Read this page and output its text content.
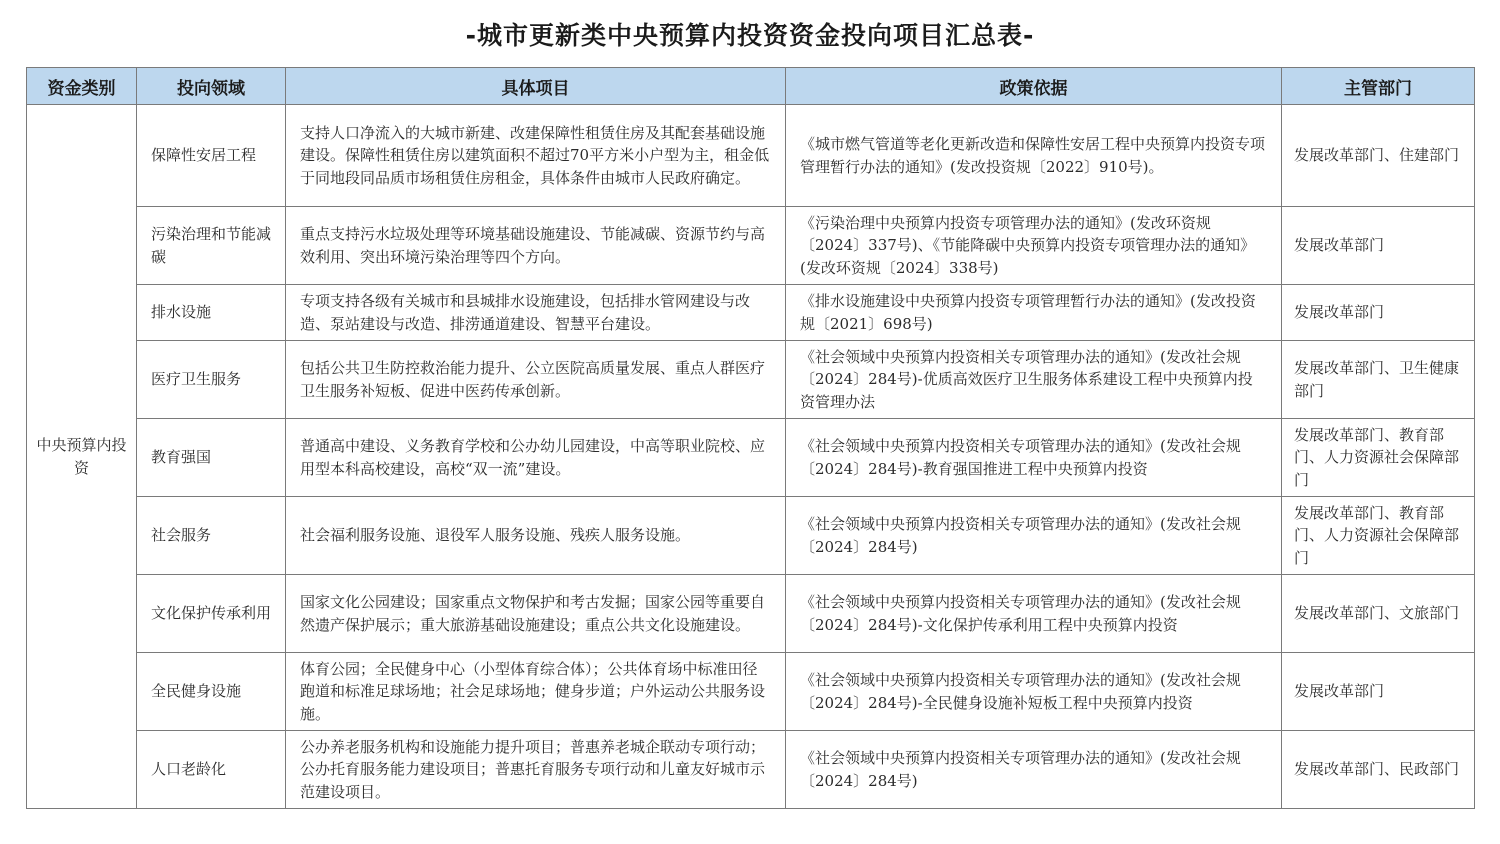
-城市更新类中央预算内投资资金投向项目汇总表-
资金类别	投向领域	具体项目	政策依据	主管部门
中央预算内投资	保障性安居工程	支持人口净流入的大城市新建、改建保障性租赁住房及其配套基础设施建设。保障性租赁住房以建筑面积不超过70平方米小户型为主，租金低于同地段同品质市场租赁住房租金，具体条件由城市人民政府确定。	《城市燃气管道等老化更新改造和保障性安居工程中央预算内投资专项管理暂行办法的通知》(发改投资规〔2022〕910号)。	发展改革部门、住建部门
	污染治理和节能减碳	重点支持污水垃圾处理等环境基础设施建设、节能减碳、资源节约与高效利用、突出环境污染治理等四个方向。	《污染治理中央预算内投资专项管理办法的通知》(发改环资规〔2024〕337号)、《节能降碳中央预算内投资专项管理办法的通知》(发改环资规〔2024〕338号)	发展改革部门
	排水设施	专项支持各级有关城市和县城排水设施建设，包括排水管网建设与改造、泵站建设与改造、排涝通道建设、智慧平台建设。	《排水设施建设中央预算内投资专项管理暂行办法的通知》(发改投资规〔2021〕698号)	发展改革部门
	医疗卫生服务	包括公共卫生防控救治能力提升、公立医院高质量发展、重点人群医疗卫生服务补短板、促进中医药传承创新。	《社会领域中央预算内投资相关专项管理办法的通知》(发改社会规〔2024〕284号)-优质高效医疗卫生服务体系建设工程中央预算内投资管理办法	发展改革部门、卫生健康部门
	教育强国	普通高中建设、义务教育学校和公办幼儿园建设，中高等职业院校、应用型本科高校建设，高校“双一流”建设。	《社会领域中央预算内投资相关专项管理办法的通知》(发改社会规〔2024〕284号)-教育强国推进工程中央预算内投资	发展改革部门、教育部门、人力资源社会保障部门
	社会服务	社会福利服务设施、退役军人服务设施、残疾人服务设施。	《社会领域中央预算内投资相关专项管理办法的通知》(发改社会规〔2024〕284号)	发展改革部门、教育部门、人力资源社会保障部门
	文化保护传承利用	国家文化公园建设；国家重点文物保护和考古发掘；国家公园等重要自然遗产保护展示；重大旅游基础设施建设；重点公共文化设施建设。	《社会领域中央预算内投资相关专项管理办法的通知》(发改社会规〔2024〕284号)-文化保护传承利用工程中央预算内投资	发展改革部门、文旅部门
	全民健身设施	体育公园；全民健身中心（小型体育综合体）；公共体育场中标准田径跑道和标准足球场地；社会足球场地；健身步道；户外运动公共服务设施。	《社会领域中央预算内投资相关专项管理办法的通知》(发改社会规〔2024〕284号)-全民健身设施补短板工程中央预算内投资	发展改革部门
	人口老龄化	公办养老服务机构和设施能力提升项目；普惠养老城企联动专项行动；公办托育服务能力建设项目；普惠托育服务专项行动和儿童友好城市示范建设项目。	《社会领域中央预算内投资相关专项管理办法的通知》(发改社会规〔2024〕284号)	发展改革部门、民政部门
